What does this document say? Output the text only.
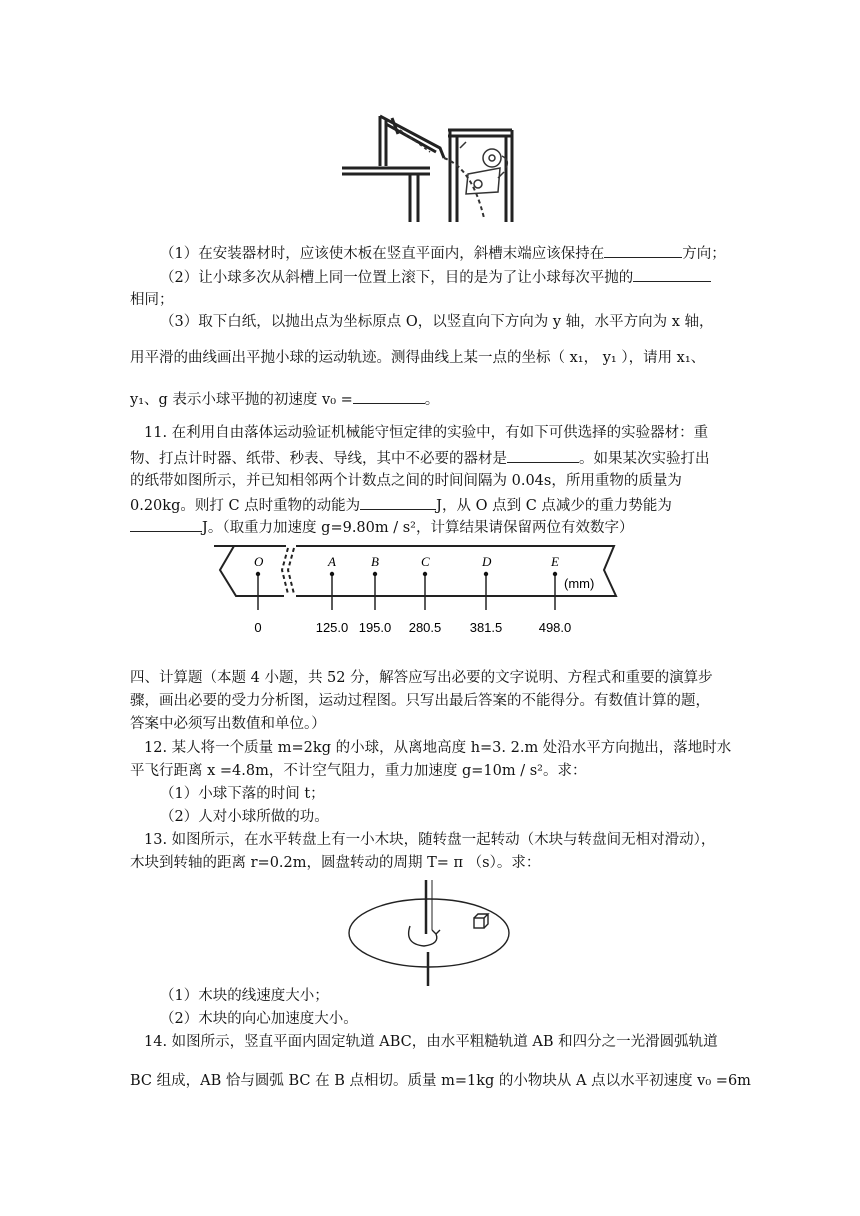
（1）在安装器材时，应该使木板在竖直平面内，斜槽末端应该保持在	方向；
（2）让小球多次从斜槽上同一位置上滚下，目的是为了让小球每次平抛的
相同；
（3）取下白纸，以抛出点为坐标原点 O，以竖直向下方向为 y 轴，水平方向为 x 轴，
用平滑的曲线画出平抛小球的运动轨迹。测得曲线上某一点的坐标（ x₁， y₁ ），请用 x₁、
y₁、g 表示小球平抛的初速度 v₀ =	。
11. 在利用自由落体运动验证机械能守恒定律的实验中，有如下可供选择的实验器材：重
物、打点计时器、纸带、秒表、导线，其中不必要的器材是	。如果某次实验打出
的纸带如图所示，并已知相邻两个计数点之间的时间间隔为 0.04s，所用重物的质量为
0.20kg。则打 C 点时重物的动能为	J，从 O 点到 C 点减少的重力势能为
J。（取重力加速度 g=9.80m / s²，计算结果请保留两位有效数字）
O
0
A
125.0
B
195.0
C
280.5
D
381.5
E
498.0
(mm)
四、计算题（本题 4 小题，共 52 分，解答应写出必要的文字说明、方程式和重要的演算步
骤，画出必要的受力分析图，运动过程图。只写出最后答案的不能得分。有数值计算的题，
答案中必须写出数值和单位。）
12. 某人将一个质量 m=2kg 的小球，从离地高度 h=3. 2.m 处沿水平方向抛出，落地时水
平飞行距离 x =4.8m，不计空气阻力，重力加速度 g=10m / s²。求：
（1）小球下落的时间 t；
（2）人对小球所做的功。
13. 如图所示，在水平转盘上有一小木块，随转盘一起转动（木块与转盘间无相对滑动），
木块到转轴的距离 r=0.2m，圆盘转动的周期 T= π （s）。求：
（1）木块的线速度大小；
（2）木块的向心加速度大小。
14. 如图所示，竖直平面内固定轨道 ABC，由水平粗糙轨道 AB 和四分之一光滑圆弧轨道
BC 组成，AB 恰与圆弧 BC 在 B 点相切。质量 m=1kg 的小物块从 A 点以水平初速度 v₀ =6m
